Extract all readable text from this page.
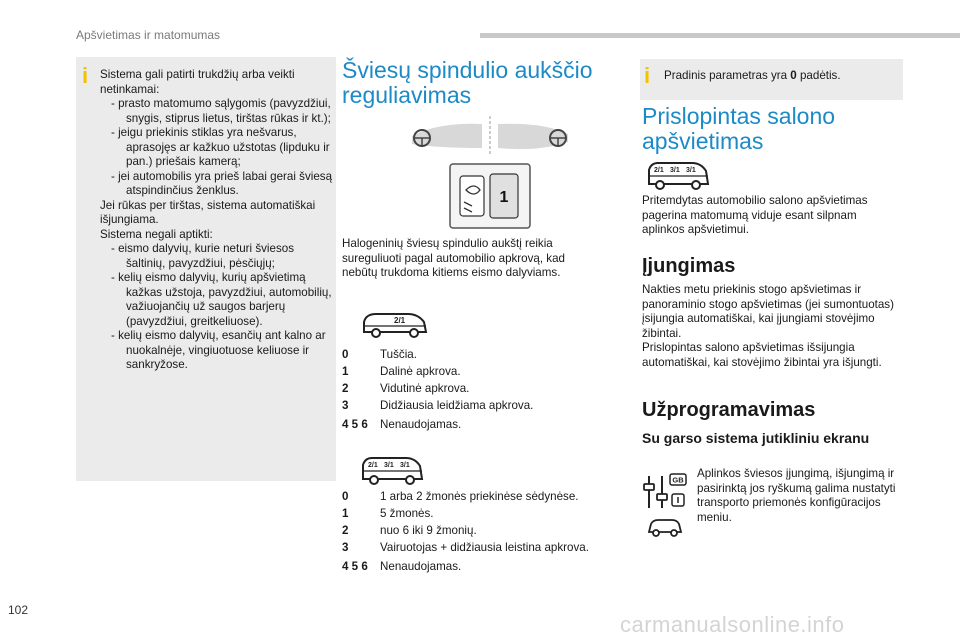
Apšvietimas ir matomumas
i Sistema gali patirti trukdžių arba veikti netinkamai:

- prasto matomumo sąlygomis (pavyzdžiui, snygis, stiprus lietus, tirštas rūkas ir kt.);

- jeigu priekinis stiklas yra nešvarus, aprasojęs ar kažkuo užstotas (lipduku ir pan.) priešais kamerą;

- jei automobilis yra prieš labai gerai šviesą atspindinčius ženklus.

Jei rūkas per tirštas, sistema automatiškai išjungiama.

Sistema negali aptikti:

- eismo dalyvių, kurie neturi šviesos šaltinių, pavyzdžiui, pėsčiųjų;

- kelių eismo dalyvių, kurių apšvietimą kažkas užstoja, pavyzdžiui, automobilių, važiuojančių už saugos barjerų (pavyzdžiui, greitkeliuose).

- kelių eismo dalyvių, esančių ant kalno ar nuokalnėje, vingiuotuose keliuose ir sankryžose.

Šviesų spindulio aukščio
reguliavimas
1
Halogeninių šviesų spindulio aukštį reikia sureguliuoti pagal automobilio apkrovą, kad nebūtų trukdoma kitiems eismo dalyviams.
2/1
0	Tuščia.
1	Dalinė apkrova.
2	Vidutinė apkrova.
3	Didžiausia leidžiama apkrova.
4 5 6 Nenaudojamas.
2/1 3/1 3/1
0	1 arba 2 žmonės priekinėse sėdynėse.
1	5 žmonės.
2	nuo 6 iki 9 žmonių.
3	Vairuotojas + didžiausia leistina apkrova.
4 5 6 Nenaudojamas.
i Pradinis parametras yra 0 padėtis.
Prislopintas salono
apšvietimas
2/1 3/1 3/1
Pritemdytas automobilio salono apšvietimas pagerina matomumą viduje esant silpnam aplinkos apšvietimui.
Įjungimas

Nakties metu priekinis stogo apšvietimas ir panoraminio stogo apšvietimas (jei sumontuotas) įsijungia automatiškai, kai įjungiami stovėjimo žibintai.

Prislopintas salono apšvietimas išsijungia automatiškai, kai stovėjimo žibintai yra išjungti.

Užprogramavimas
Su garso sistema jutikliniu ekranu
GB Aplinkos šviesos įjungimą, išjungimą ir pasirinktą jos ryškumą galima nustatyti transporto priemonės konfigūracijos meniu.
102
carmanualsonline.info
